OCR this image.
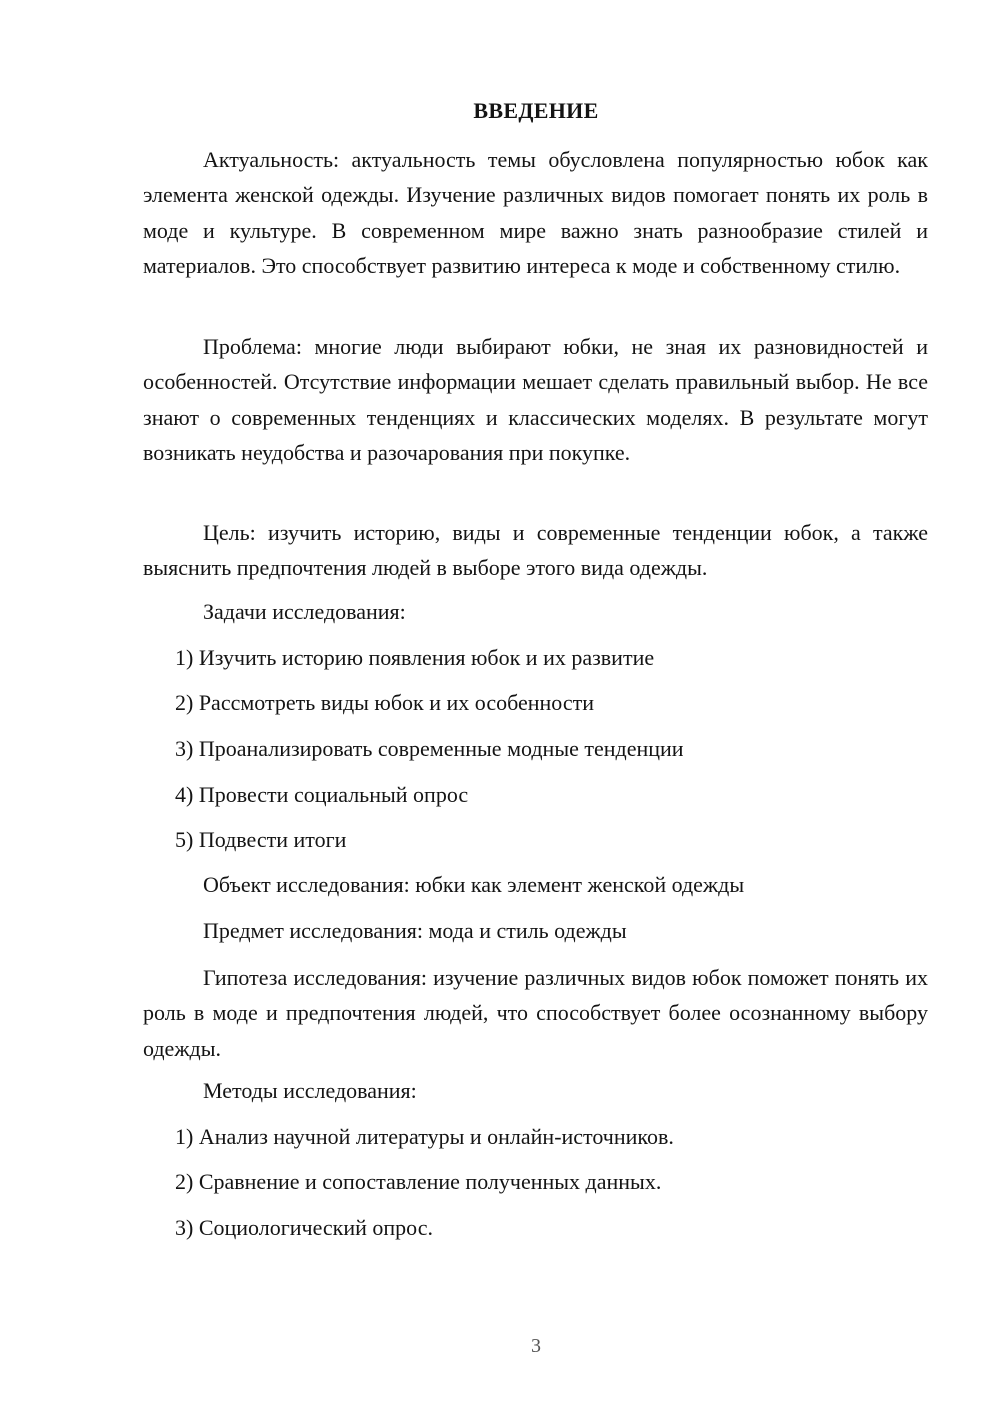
ВВЕДЕНИЕ

Актуальность: актуальность темы обусловлена популярностью юбок как элемента женской одежды. Изучение различных видов помогает понять их роль в моде и культуре. В современном мире важно знать разнообразие стилей и материалов. Это способствует развитию интереса к моде и собственному стилю.

Проблема: многие люди выбирают юбки, не зная их разновидностей и особенностей. Отсутствие информации мешает сделать правильный выбор. Не все знают о современных тенденциях и классических моделях. В результате могут возникать неудобства и разочарования при покупке.

Цель: изучить историю, виды и современные тенденции юбок, а также выяснить предпочтения людей в выборе этого вида одежды.

Задачи исследования:

1) Изучить историю появления юбок и их развитие

2) Рассмотреть виды юбок и их особенности

3) Проанализировать современные модные тенденции

4) Провести социальный опрос

5) Подвести итоги

Объект исследования: юбки как элемент женской одежды

Предмет исследования: мода и стиль одежды

Гипотеза исследования: изучение различных видов юбок поможет понять их роль в моде и предпочтения людей, что способствует более осознанному выбору одежды.

Методы исследования:

1) Анализ научной литературы и онлайн-источников.

2) Сравнение и сопоставление полученных данных.

3) Социологический опрос.

3
